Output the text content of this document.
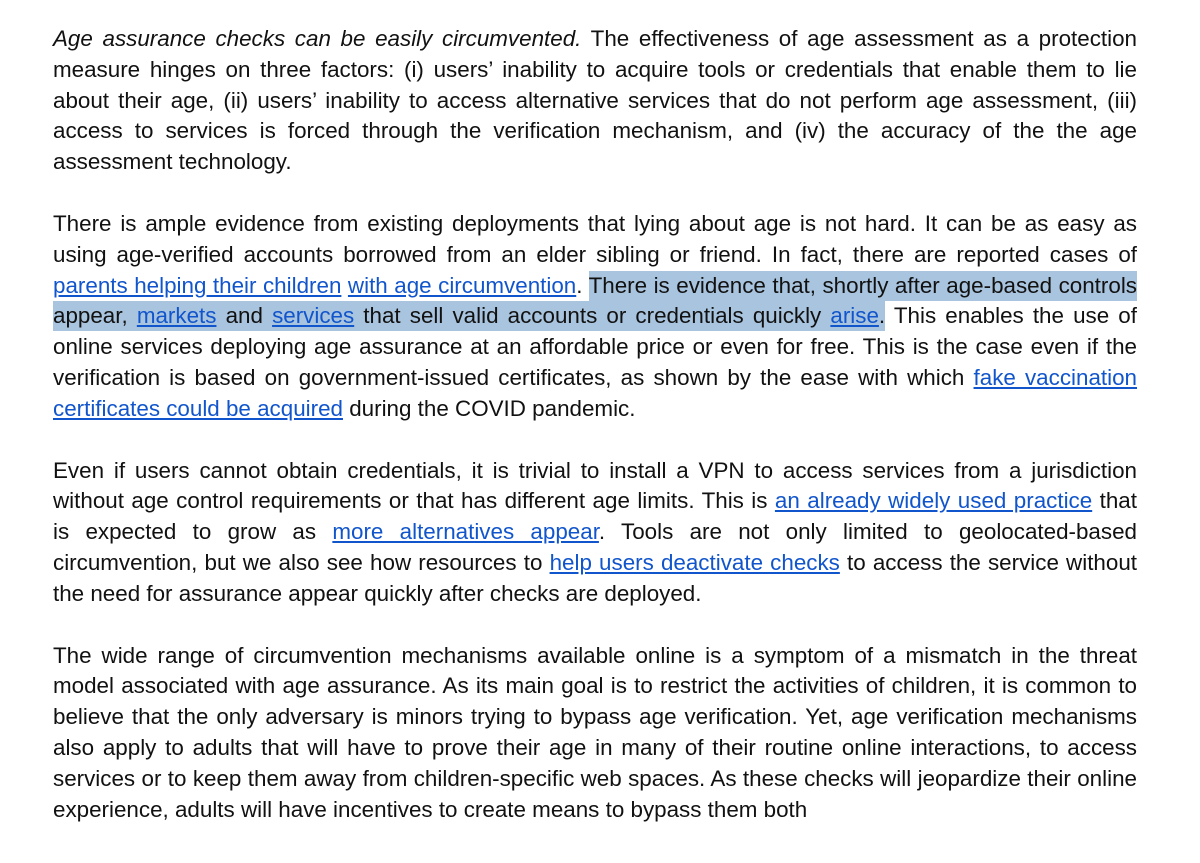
Age assurance checks can be easily circumvented. The effectiveness of age assessment as a protection measure hinges on three factors: (i) users’ inability to acquire tools or credentials that enable them to lie about their age, (ii) users’ inability to access alternative services that do not perform age assessment, (iii) access to services is forced through the verification mechanism, and (iv) the accuracy of the the age assessment technology.

There is ample evidence from existing deployments that lying about age is not hard. It can be as easy as using age-verified accounts borrowed from an elder sibling or friend. In fact, there are reported cases of parents helping their children with age circumvention. There is evidence that, shortly after age-based controls appear, markets and services that sell valid accounts or credentials quickly arise. This enables the use of online services deploying age assurance at an affordable price or even for free. This is the case even if the verification is based on government-issued certificates, as shown by the ease with which fake vaccination certificates could be acquired during the COVID pandemic.

Even if users cannot obtain credentials, it is trivial to install a VPN to access services from a jurisdiction without age control requirements or that has different age limits. This is an already widely used practice that is expected to grow as more alternatives appear. Tools are not only limited to geolocated-based circumvention, but we also see how resources to help users deactivate checks to access the service without the need for assurance appear quickly after checks are deployed.

The wide range of circumvention mechanisms available online is a symptom of a mismatch in the threat model associated with age assurance. As its main goal is to restrict the activities of children, it is common to believe that the only adversary is minors trying to bypass age verification. Yet, age verification mechanisms also apply to adults that will have to prove their age in many of their routine online interactions, to access services or to keep them away from children-specific web spaces. As these checks will jeopardize their online experience, adults will have incentives to create means to bypass them both
